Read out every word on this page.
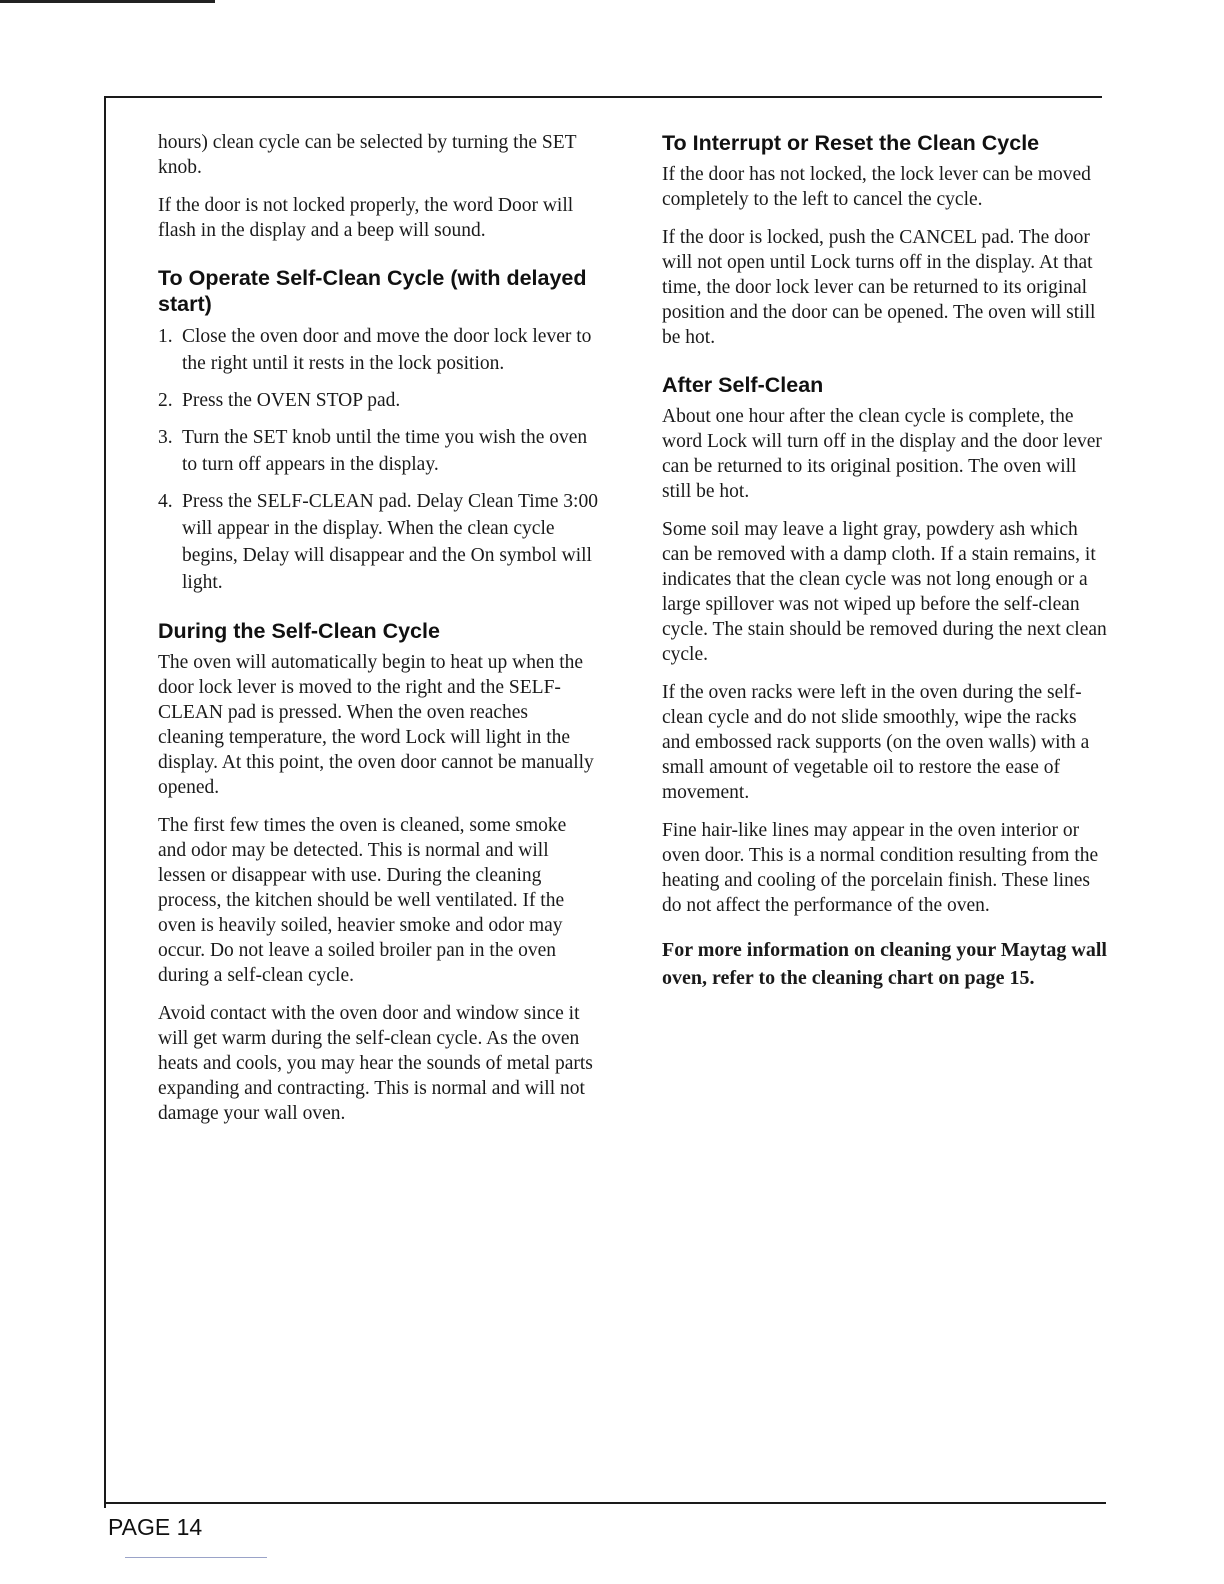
hours) clean cycle can be selected by turning the SET knob.

If the door is not locked properly, the word Door will flash in the display and a beep will sound.

To Operate Self-Clean Cycle (with delayed start)
1. Close the oven door and move the door lock lever to the right until it rests in the lock position.
2. Press the OVEN STOP pad.
3. Turn the SET knob until the time you wish the oven to turn off appears in the display.
4. Press the SELF-CLEAN pad. Delay Clean Time 3:00 will appear in the display. When the clean cycle begins, Delay will disappear and the On symbol will light.
During the Self-Clean Cycle

The oven will automatically begin to heat up when the door lock lever is moved to the right and the SELF-CLEAN pad is pressed. When the oven reaches cleaning temperature, the word Lock will light in the display. At this point, the oven door cannot be manually opened.

The first few times the oven is cleaned, some smoke and odor may be detected. This is normal and will lessen or disappear with use. During the cleaning process, the kitchen should be well ventilated. If the oven is heavily soiled, heavier smoke and odor may occur. Do not leave a soiled broiler pan in the oven during a self-clean cycle.

Avoid contact with the oven door and window since it will get warm during the self-clean cycle. As the oven heats and cools, you may hear the sounds of metal parts expanding and contracting. This is normal and will not damage your wall oven.

To Interrupt or Reset the Clean Cycle

If the door has not locked, the lock lever can be moved completely to the left to cancel the cycle.

If the door is locked, push the CANCEL pad. The door will not open until Lock turns off in the display. At that time, the door lock lever can be returned to its original position and the door can be opened. The oven will still be hot.

After Self-Clean

About one hour after the clean cycle is complete, the word Lock will turn off in the display and the door lever can be returned to its original position. The oven will still be hot.

Some soil may leave a light gray, powdery ash which can be removed with a damp cloth. If a stain remains, it indicates that the clean cycle was not long enough or a large spillover was not wiped up before the self-clean cycle. The stain should be removed during the next clean cycle.

If the oven racks were left in the oven during the self-clean cycle and do not slide smoothly, wipe the racks and embossed rack supports (on the oven walls) with a small amount of vegetable oil to restore the ease of movement.

Fine hair-like lines may appear in the oven interior or oven door. This is a normal condition resulting from the heating and cooling of the porcelain finish. These lines do not affect the performance of the oven.

For more information on cleaning your Maytag wall oven, refer to the cleaning chart on page 15.

PAGE 14
